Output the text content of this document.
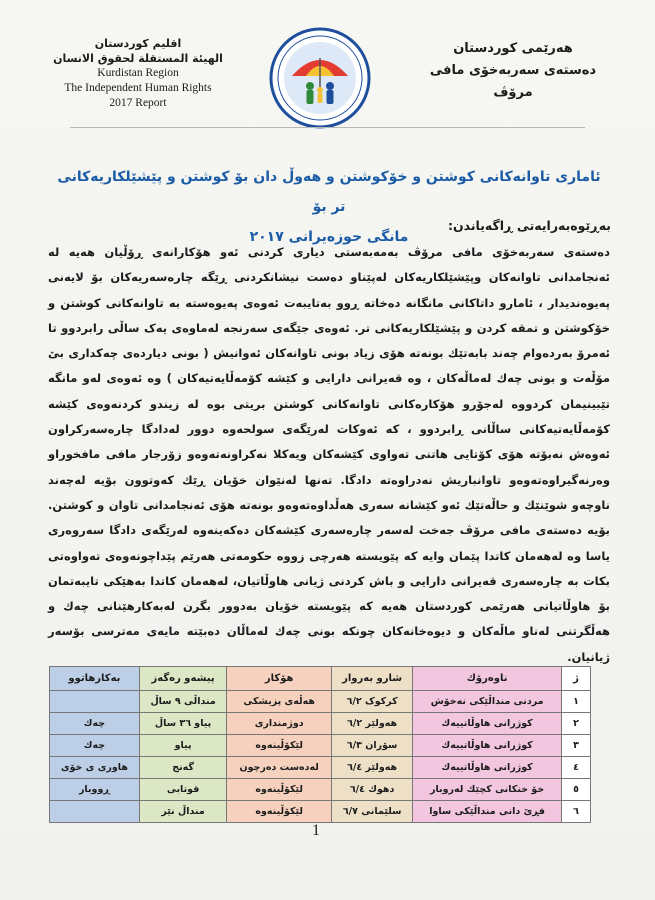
هەرێمی کوردستان
دەستەی سەربەخۆی مافی مرۆڤ
اقليم كوردستان
الهيئة المستقلة لحقوق الانسان
Kurdistan Region
The Independent Human Rights
2017 Report
ئاماری تاوانەکانی کوشتن و خۆکوشتن و هەوڵ دان بۆ کوشتن و پێشێلکاریەکانی تر بۆ
مانگی حوزەیرانی ٢٠١٧
بەڕێوەبەرایەتی ڕاگەیاندن:
دەستەی سەربەخۆی مافی مرۆڤ بەمەبەستی دیاری کردنی ئەو هۆکارانەی ڕۆڵیان هەیە لە ئەنجامدانی تاوانەکان وپێشێلکاریەکان لەپێناو دەست نیشانکردنی ڕێگە چارەسەریەکان بۆ لایەنی پەیوەندیدار ، ئامارو داتاکانی مانگانە دەخاتە ڕوو بەتایبەت ئەوەی پەیوەستە بە تاوانەکانی کوشتن و خۆکوشتن و تمقە کردن و پێشێلکاریەکانی تر. ئەوەی جێگەی سەرنجە لەماوەی یەک ساڵی رابردوو تا ئەمرۆ بەردەوام چەند بابەتێك بونەتە هۆی زیاد بونی تاوانەکان ئەوانیش ( بونی دیاردەی چەکداری بێ مۆڵەت و بونی چەك لەماڵەکان ، وە قەیرانی دارایی و کێشە کۆمەڵایەتیەکان ) وە ئەوەی لەو مانگە تێبینیمان کردووە لەجۆرو هۆکارەکانی تاوانەکانی کوشتن بریتی بوە لە زیندو کردنەوەی کێشە کۆمەڵایەتیەکانی ساڵانی ڕابردوو ، کە ئەوکات لەرێگەی سولحەوە دوور لەدادگا چارەسەرکراون ئەوەش نەبۆتە هۆی کۆتایی هاتنی تەواوی کێشەکان ویەکلا نەکراونەتەوەو زۆرجار مافی مافخوراو وەرنەگیراوەتەوەو تاوانباریش نەدراوەتە دادگا. تەنها لەنێوان خۆیان ڕێك کەوتوون بۆیە لەچەند ناوچەو شوێنێك و حاڵەتێك ئەو کێشانە سەری هەڵداوەتەوەو بونەتە هۆی ئەنجامدانی تاوان و کوشتن. بۆیە دەستەی مافی مرۆڤ جەخت لەسەر چارەسەری کێشەکان دەکەینەوە لەرێگەی دادگا سەروەری یاسا وە لەهەمان کاتدا پێمان وایە کە پێویستە هەرچی زووە حکومەتی هەرێم پێداچونەوەی تەواوەتی بکات بە چارەسەری قەیرانی دارایی و باش کردنی ژیانی هاوڵاتیان، لەهەمان کاتدا بەهێکی تایبەتمان بۆ هاوڵاتیانی هەرێمی کوردستان هەیە کە پێویستە خۆیان بەدوور بگرن لەبەکارهێنانی چەك و هەڵگرتنی لەناو ماڵەکان و دیوەخانەکان چونکە بونی چەك لەماڵان دەبێتە مایەی مەترسی بۆسەر ژیانیان.
ژ	ناوەرۆك	شارو بەروار	هۆکار	پیشەو رەگەز	بەکارهاتوو
١	مردنی منداڵێکی نەخۆش	کرکوک ٦/٢	هەڵەی پزیشکی	منداڵی ٩ ساڵ	
٢	کوژرانی هاوڵاتییەك	هەولێر ٦/٢	دوژمنداری	پیاو ٣٦ ساڵ	چەك
٣	کوژرانی هاوڵاتییەك	سۆران ٦/٣	لێکۆڵینەوە	پیاو	چەك
٤	کوژرانی هاوڵاتییەك	هەولێر ٦/٤	لەدەست دەرچون	گەنج	هاوری ی خۆی
٥	خۆ خنکانی کچێك لەروبار	دهوك ٦/٤	لێکۆڵینەوە	قوتابی	ڕووبار
٦	فڕێ دانی منداڵێکی ساوا	سلێمانی ٦/٧	لێکۆڵینەوە	منداڵ نێر	
1
